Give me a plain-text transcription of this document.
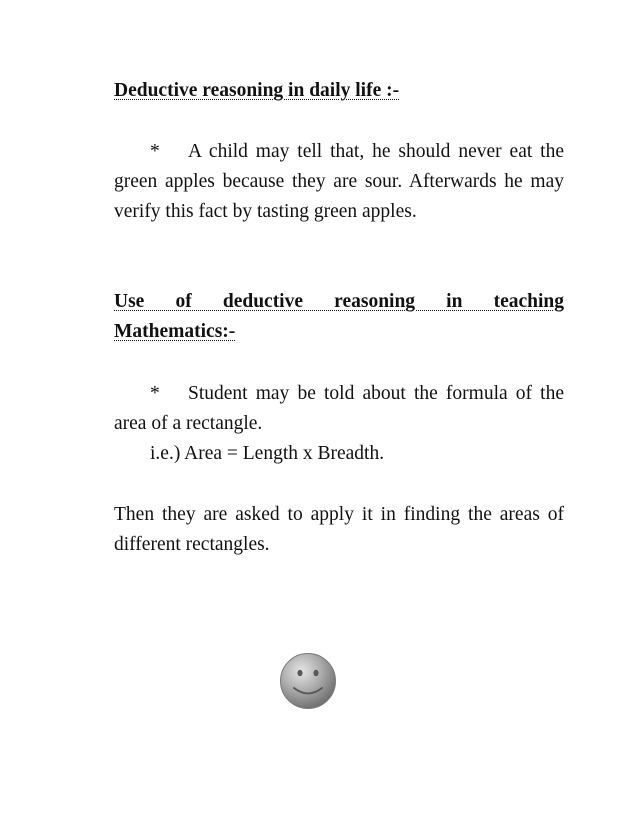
Deductive reasoning in daily life :-

* A child may tell that, he should never eat the green apples because they are sour. Afterwards he may verify this fact by tasting green apples.

Use of deductive reasoning in teaching
Mathematics:-

* Student may be told about the formula of the area of a rectangle.

i.e.) Area = Length x Breadth.

Then they are asked to apply it in finding the areas of different rectangles.
